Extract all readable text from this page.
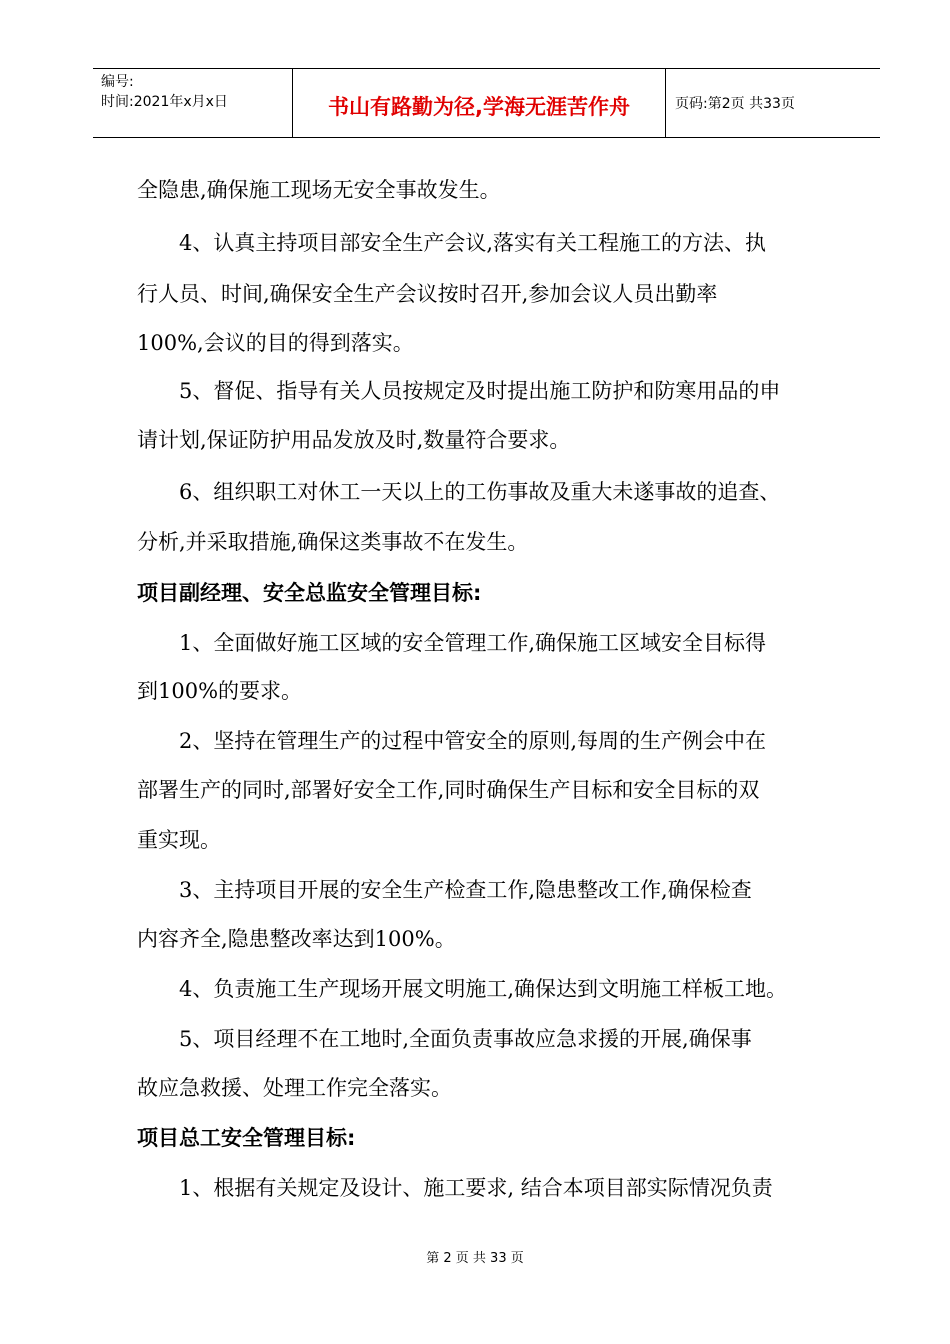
编号:
时间:2021年x月x日	书山有路勤为径,学海无涯苦作舟	页码:第2页 共33页
全隐患,确保施工现场无安全事故发生。
4、认真主持项目部安全生产会议,落实有关工程施工的方法、执
行人员、时间,确保安全生产会议按时召开,参加会议人员出勤率
100%,会议的目的得到落实。
5、督促、指导有关人员按规定及时提出施工防护和防寒用品的申
请计划,保证防护用品发放及时,数量符合要求。
6、组织职工对休工一天以上的工伤事故及重大未遂事故的追查、
分析,并采取措施,确保这类事故不在发生。
项目副经理、安全总监安全管理目标:
1、全面做好施工区域的安全管理工作,确保施工区域安全目标得
到100%的要求。
2、坚持在管理生产的过程中管安全的原则,每周的生产例会中在
部署生产的同时,部署好安全工作,同时确保生产目标和安全目标的双
重实现。
3、主持项目开展的安全生产检查工作,隐患整改工作,确保检查
内容齐全,隐患整改率达到100%。
4、负责施工生产现场开展文明施工,确保达到文明施工样板工地。
5、项目经理不在工地时,全面负责事故应急求援的开展,确保事
故应急救援、处理工作完全落实。
项目总工安全管理目标:
1、根据有关规定及设计、施工要求, 结合本项目部实际情况负责
第 2 页 共 33 页
